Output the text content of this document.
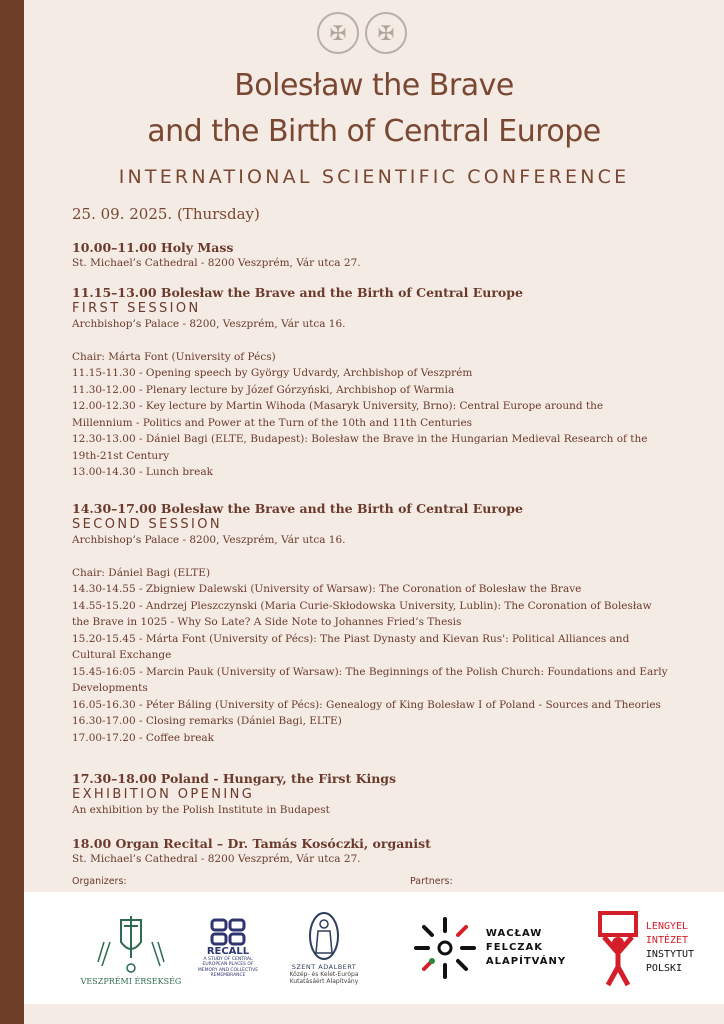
✠	✠
Bolesław the Brave
and the Birth of Central Europe
INTERNATIONAL SCIENTIFIC CONFERENCE
25. 09. 2025. (Thursday)
10.00–11.00 Holy Mass
St. Michael’s Cathedral - 8200 Veszprém, Vár utca 27.
11.15–13.00 Bolesław the Brave and the Birth of Central Europe
FIRST SESSION
Archbishop’s Palace - 8200, Veszprém, Vár utca 16.
Chair: Márta Font (University of Pécs)
11.15-11.30 - Opening speech by György Udvardy, Archbishop of Veszprém
11.30-12.00 - Plenary lecture by Józef Górzyński, Archbishop of Warmia
12.00-12.30 - Key lecture by Martin Wihoda (Masaryk University, Brno): Central Europe around the
Millennium - Politics and Power at the Turn of the 10th and 11th Centuries
12.30-13.00 - Dániel Bagi (ELTE, Budapest): Bolesław the Brave in the Hungarian Medieval Research of the
19th-21st Century
13.00-14.30 - Lunch break
14.30–17.00 Bolesław the Brave and the Birth of Central Europe
SECOND SESSION
Archbishop’s Palace - 8200, Veszprém, Vár utca 16.
Chair: Dániel Bagi (ELTE)
14.30-14.55 - Zbigniew Dalewski (University of Warsaw): The Coronation of Bolesław the Brave
14.55-15.20 - Andrzej Pleszczynski (Maria Curie-Skłodowska University, Lublin): The Coronation of Bolesław
the Brave in 1025 - Why So Late? A Side Note to Johannes Fried’s Thesis
15.20-15.45 - Márta Font (University of Pécs): The Piast Dynasty and Kievan Rus': Political Alliances and
Cultural Exchange
15.45-16:05 - Marcin Pauk (University of Warsaw): The Beginnings of the Polish Church: Foundations and Early
Developments
16.05-16.30 - Péter Báling (University of Pécs): Genealogy of King Bolesław I of Poland - Sources and Theories
16.30-17.00 - Closing remarks (Dániel Bagi, ELTE)
17.00-17.20 - Coffee break
17.30–18.00 Poland - Hungary, the First Kings
EXHIBITION OPENING
An exhibition by the Polish Institute in Budapest
18.00 Organ Recital – Dr. Tamás Kosóczki, organist
St. Michael’s Cathedral - 8200 Veszprém, Vár utca 27.
Organizers:	Partners:
VESZPRÉMI ÉRSEKSÉG
RECALL
A STUDY OF CENTRAL EUROPEAN PLACES OF MEMORY AND COLLECTIVE REMEMBRANCE
SZENT ADALBERT
Közép- és Kelet-Európa
Kutatásáért Alapítvány
WACŁAW
FELCZAK
ALAPÍTVÁNY
LENGYEL
INTÉZET
INSTYTUT
POLSKI
